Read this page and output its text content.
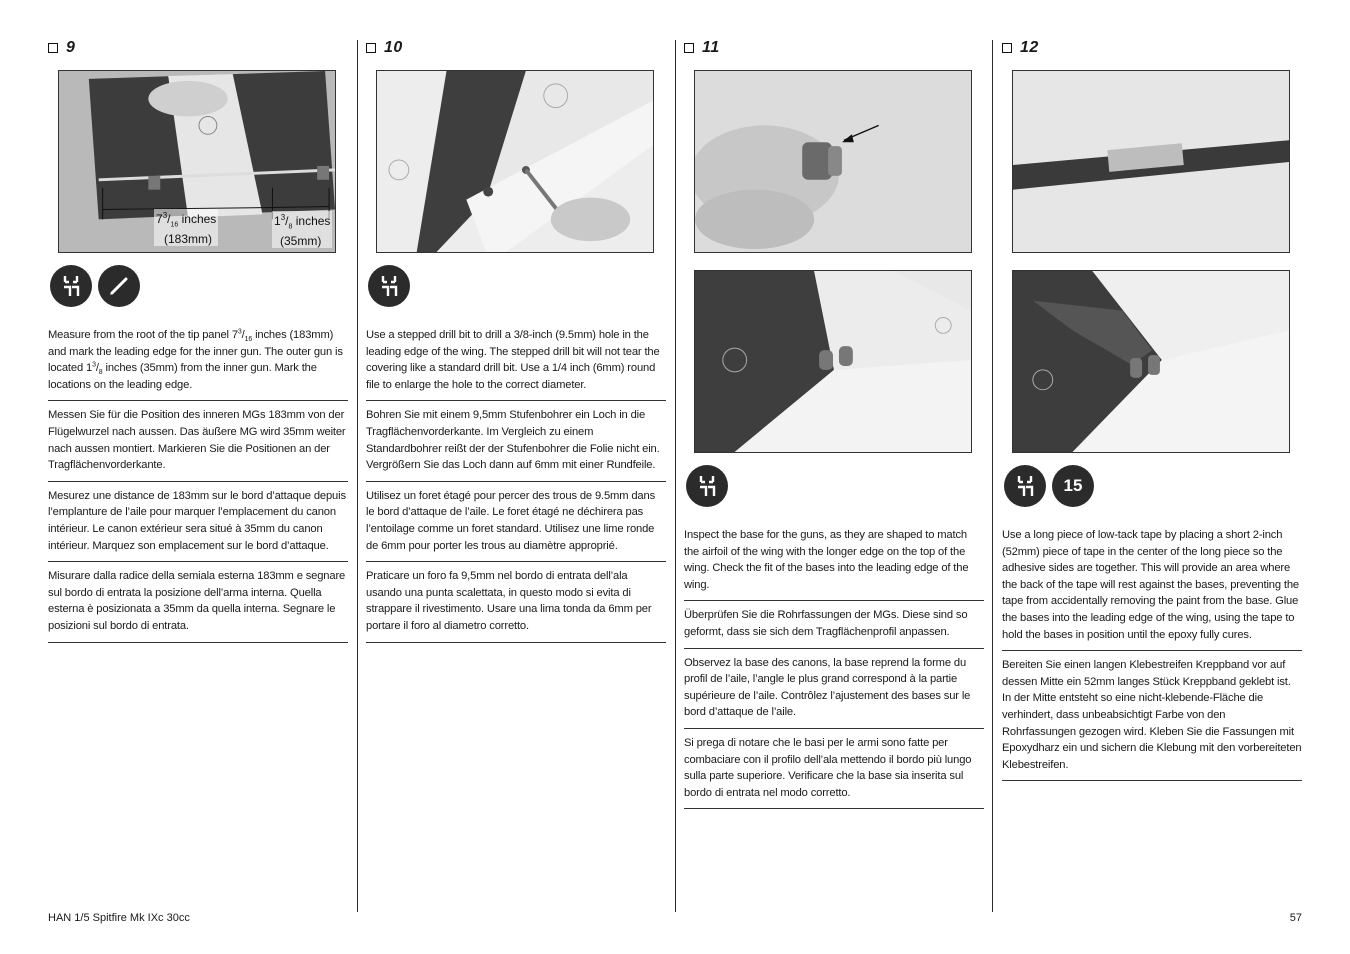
9
$7^3/_{16}$ inches
(183mm)
$1^3/_8$ inches
(35mm)
Measure from the root of the tip panel $7^3/_{16}$ inches (183mm) and mark the leading edge for the inner gun. The outer gun is located $1^3/_8$ inches (35mm) from the inner gun. Mark the locations on the leading edge.
Messen Sie für die Position des inneren MGs 183mm von der Flügelwurzel nach aussen. Das äußere MG wird 35mm weiter nach aussen montiert. Markieren Sie die Positionen an der Tragflächenvorderkante.
Mesurez une distance de 183mm sur le bord d’attaque depuis l’emplanture de l’aile pour marquer l’emplacement du canon intérieur. Le canon extérieur sera situé à 35mm du canon intérieur. Marquez son emplacement sur le bord d’attaque.
Misurare dalla radice della semiala esterna 183mm e segnare sul bordo di entrata la posizione dell’arma interna. Quella esterna è posizionata a 35mm da quella interna. Segnare le posizioni sul bordo di entrata.
10
Use a stepped drill bit to drill a 3/8-inch (9.5mm) hole in the leading edge of the wing. The stepped drill bit will not tear the covering like a standard drill bit. Use a 1/4 inch (6mm) round file to enlarge the hole to the correct diameter.
Bohren Sie mit einem 9,5mm Stufenbohrer ein Loch in die Tragflächenvorderkante. Im Vergleich zu einem Standardbohrer reißt der der Stufenbohrer die Folie nicht ein. Vergrößern Sie das Loch dann auf 6mm mit einer Rundfeile.
Utilisez un foret étagé pour percer des trous de 9.5mm dans le bord d’attaque de l’aile. Le foret étagé ne déchirera pas l’entoilage comme un foret standard. Utilisez une lime ronde de 6mm pour porter les trous au diamètre approprié.
Praticare un foro fa 9,5mm nel bordo di entrata dell’ala usando una punta scalettata, in questo modo si evita di strappare il rivestimento. Usare una lima tonda da 6mm per portare il foro al diametro corretto.
11
Inspect the base for the guns, as they are shaped to match the airfoil of the wing with the longer edge on the top of the wing. Check the fit of the bases into the leading edge of the wing.
Überprüfen Sie die Rohrfassungen der MGs. Diese sind so geformt, dass sie sich dem Tragflächenprofil anpassen.
Observez la base des canons, la base reprend la forme du profil de l’aile, l’angle le plus grand correspond à la partie supérieure de l’aile. Contrôlez l’ajustement des bases sur le bord d’attaque de l’aile.
Si prega di notare che le basi per le armi sono fatte per combaciare con il profilo dell’ala mettendo il bordo più lungo sulla parte superiore. Verificare che la base sia inserita sul bordo di entrata nel modo corretto.
12
15
Use a long piece of low-tack tape by placing a short 2-inch (52mm) piece of tape in the center of the long piece so the adhesive sides are together. This will provide an area where the back of the tape will rest against the bases, preventing the tape from accidentally removing the paint from the base. Glue the bases into the leading edge of the wing, using the tape to hold the bases in position until the epoxy fully cures.
Bereiten Sie einen langen Klebestreifen Kreppband vor auf dessen Mitte ein 52mm langes Stück Kreppband geklebt ist. In der Mitte entsteht so eine nicht-klebende-Fläche die verhindert, dass unbeabsichtigt Farbe von den Rohrfassungen gezogen wird. Kleben Sie die Fassungen mit Epoxydharz ein und sichern die Klebung mit den vorbereiteten Klebestreifen.
HAN 1/5 Spitfire Mk IXc 30cc	57
